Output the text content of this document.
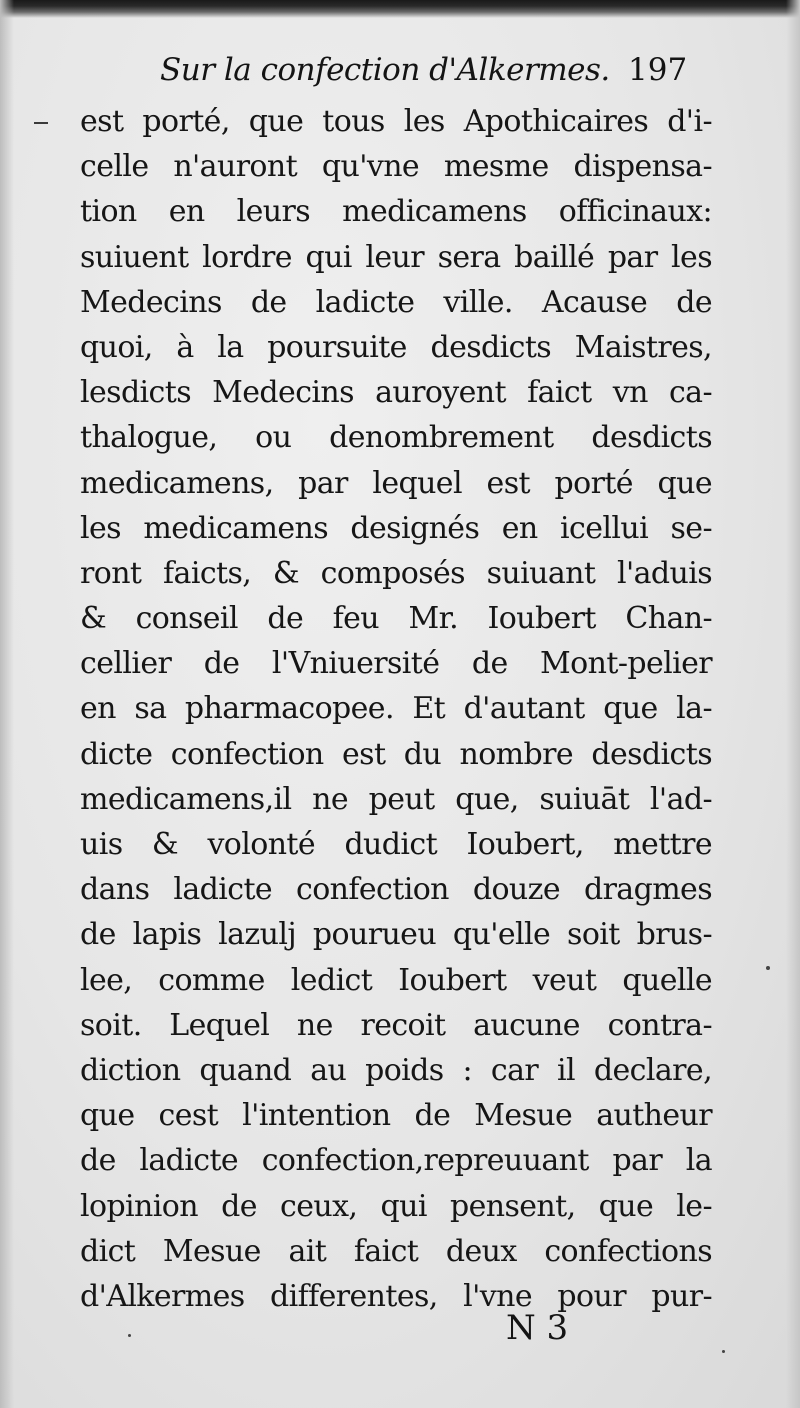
Sur la confection d'Alkermes. 197
est porté, que tous les Apothicaires d'i-
celle n'auront qu'vne mesme dispensa-
tion en leurs medicamens officinaux:
suiuent lordre qui leur sera baillé par les
Medecins de ladicte ville. Acause de
quoi, à la poursuite desdicts Maistres,
lesdicts Medecins auroyent faict vn ca-
thalogue, ou denombrement desdicts
medicamens, par lequel est porté que
les medicamens designés en icellui se-
ront faicts, & composés suiuant l'aduis
& conseil de feu Mr. Ioubert Chan-
cellier de l'Vniuersité de Mont-pelier
en sa pharmacopee. Et d'autant que la-
dicte confection est du nombre desdicts
medicamens,il ne peut que, suiuāt l'ad-
uis & volonté dudict Ioubert, mettre
dans ladicte confection douze dragmes
de lapis lazulj pourueu qu'elle soit brus-
lee, comme ledict Ioubert veut quelle
soit. Lequel ne recoit aucune contra-
diction quand au poids : car il declare,
que cest l'intention de Mesue autheur
de ladicte confection,repreuuant par la
lopinion de ceux, qui pensent, que le-
dict Mesue ait faict deux confections
d'Alkermes differentes, l'vne pour pur-
N 3
